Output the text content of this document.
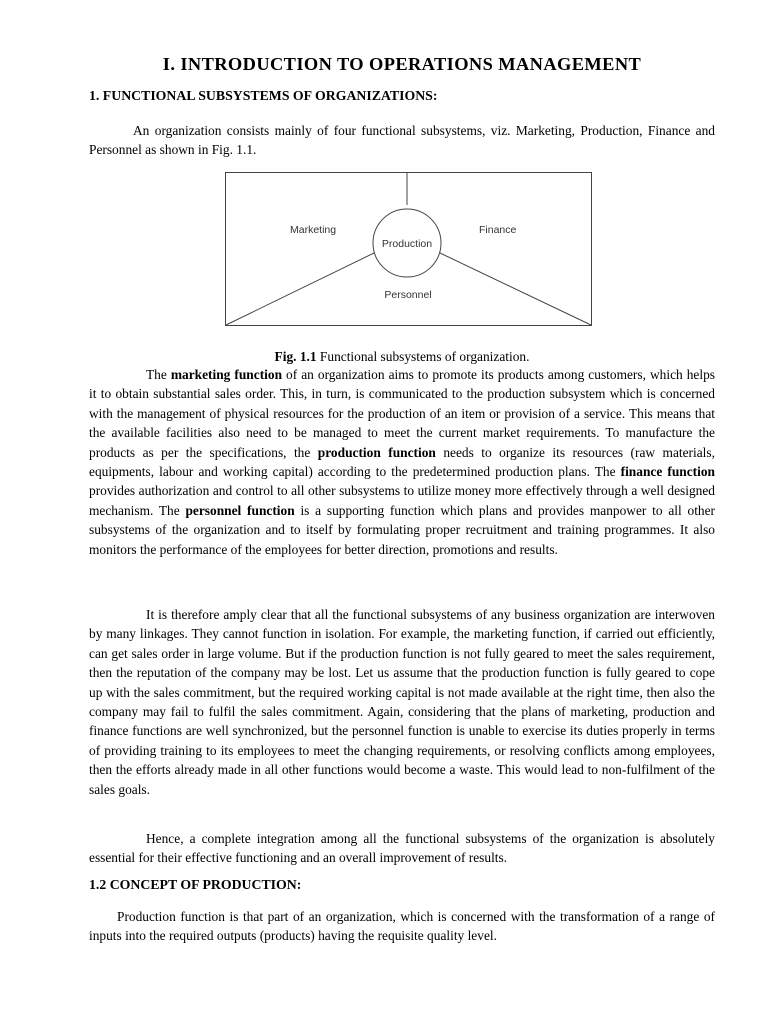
I. INTRODUCTION TO OPERATIONS MANAGEMENT
1. FUNCTIONAL SUBSYSTEMS OF ORGANIZATIONS:

An organization consists mainly of four functional subsystems, viz. Marketing, Production, Finance and Personnel as shown in Fig. 1.1.

Marketing
Production
Finance
Personnel

Fig. 1.1 Functional subsystems of organization.

The marketing function of an organization aims to promote its products among customers, which helps it to obtain substantial sales order. This, in turn, is communicated to the production subsystem which is concerned with the management of physical resources for the production of an item or provision of a service. This means that the available facilities also need to be managed to meet the current market requirements. To manufacture the products as per the specifications, the production function needs to organize its resources (raw materials, equipments, labour and working capital) according to the predetermined production plans. The finance function provides authorization and control to all other subsystems to utilize money more effectively through a well designed mechanism. The personnel function is a supporting function which plans and provides manpower to all other subsystems of the organization and to itself by formulating proper recruitment and training programmes. It also monitors the performance of the employees for better direction, promotions and results.

It is therefore amply clear that all the functional subsystems of any business organization are interwoven by many linkages. They cannot function in isolation. For example, the marketing function, if carried out efficiently, can get sales order in large volume. But if the production function is not fully geared to meet the sales requirement, then the reputation of the company may be lost. Let us assume that the production function is fully geared to cope up with the sales commitment, but the required working capital is not made available at the right time, then also the company may fail to fulfil the sales commitment. Again, considering that the plans of marketing, production and finance functions are well synchronized, but the personnel function is unable to exercise its duties properly in terms of providing training to its employees to meet the changing requirements, or resolving conflicts among employees, then the efforts already made in all other functions would become a waste. This would lead to non-fulfilment of the sales goals.

Hence, a complete integration among all the functional subsystems of the organization is absolutely essential for their effective functioning and an overall improvement of results.

1.2 CONCEPT OF PRODUCTION:

Production function is that part of an organization, which is concerned with the transformation of a range of inputs into the required outputs (products) having the requisite quality level.
